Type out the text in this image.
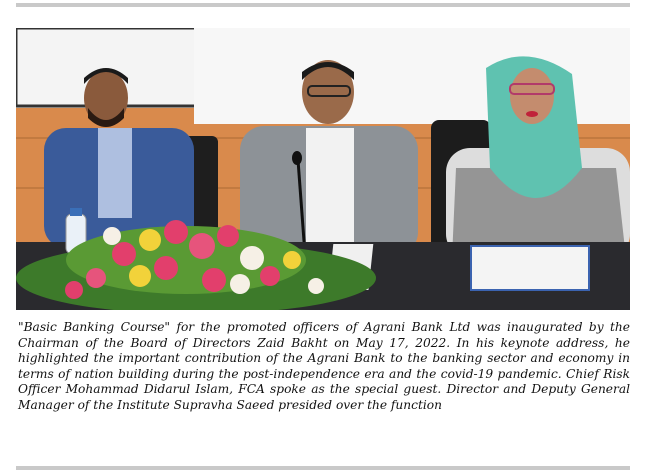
"Basic Banking Course" for the promoted officers of Agrani Bank Ltd was inaugurated by the Chairman of the Board of Directors Zaid Bakht on May 17, 2022. In his keynote address, he highlighted the important contribution of the Agrani Bank to the banking sector and economy in terms of nation building during the post-independence era and the covid-19 pandemic. Chief Risk Officer Mohammad Didarul Islam, FCA spoke as the special guest. Director and Deputy General Manager of the Institute Supravha Saeed presided over the function
